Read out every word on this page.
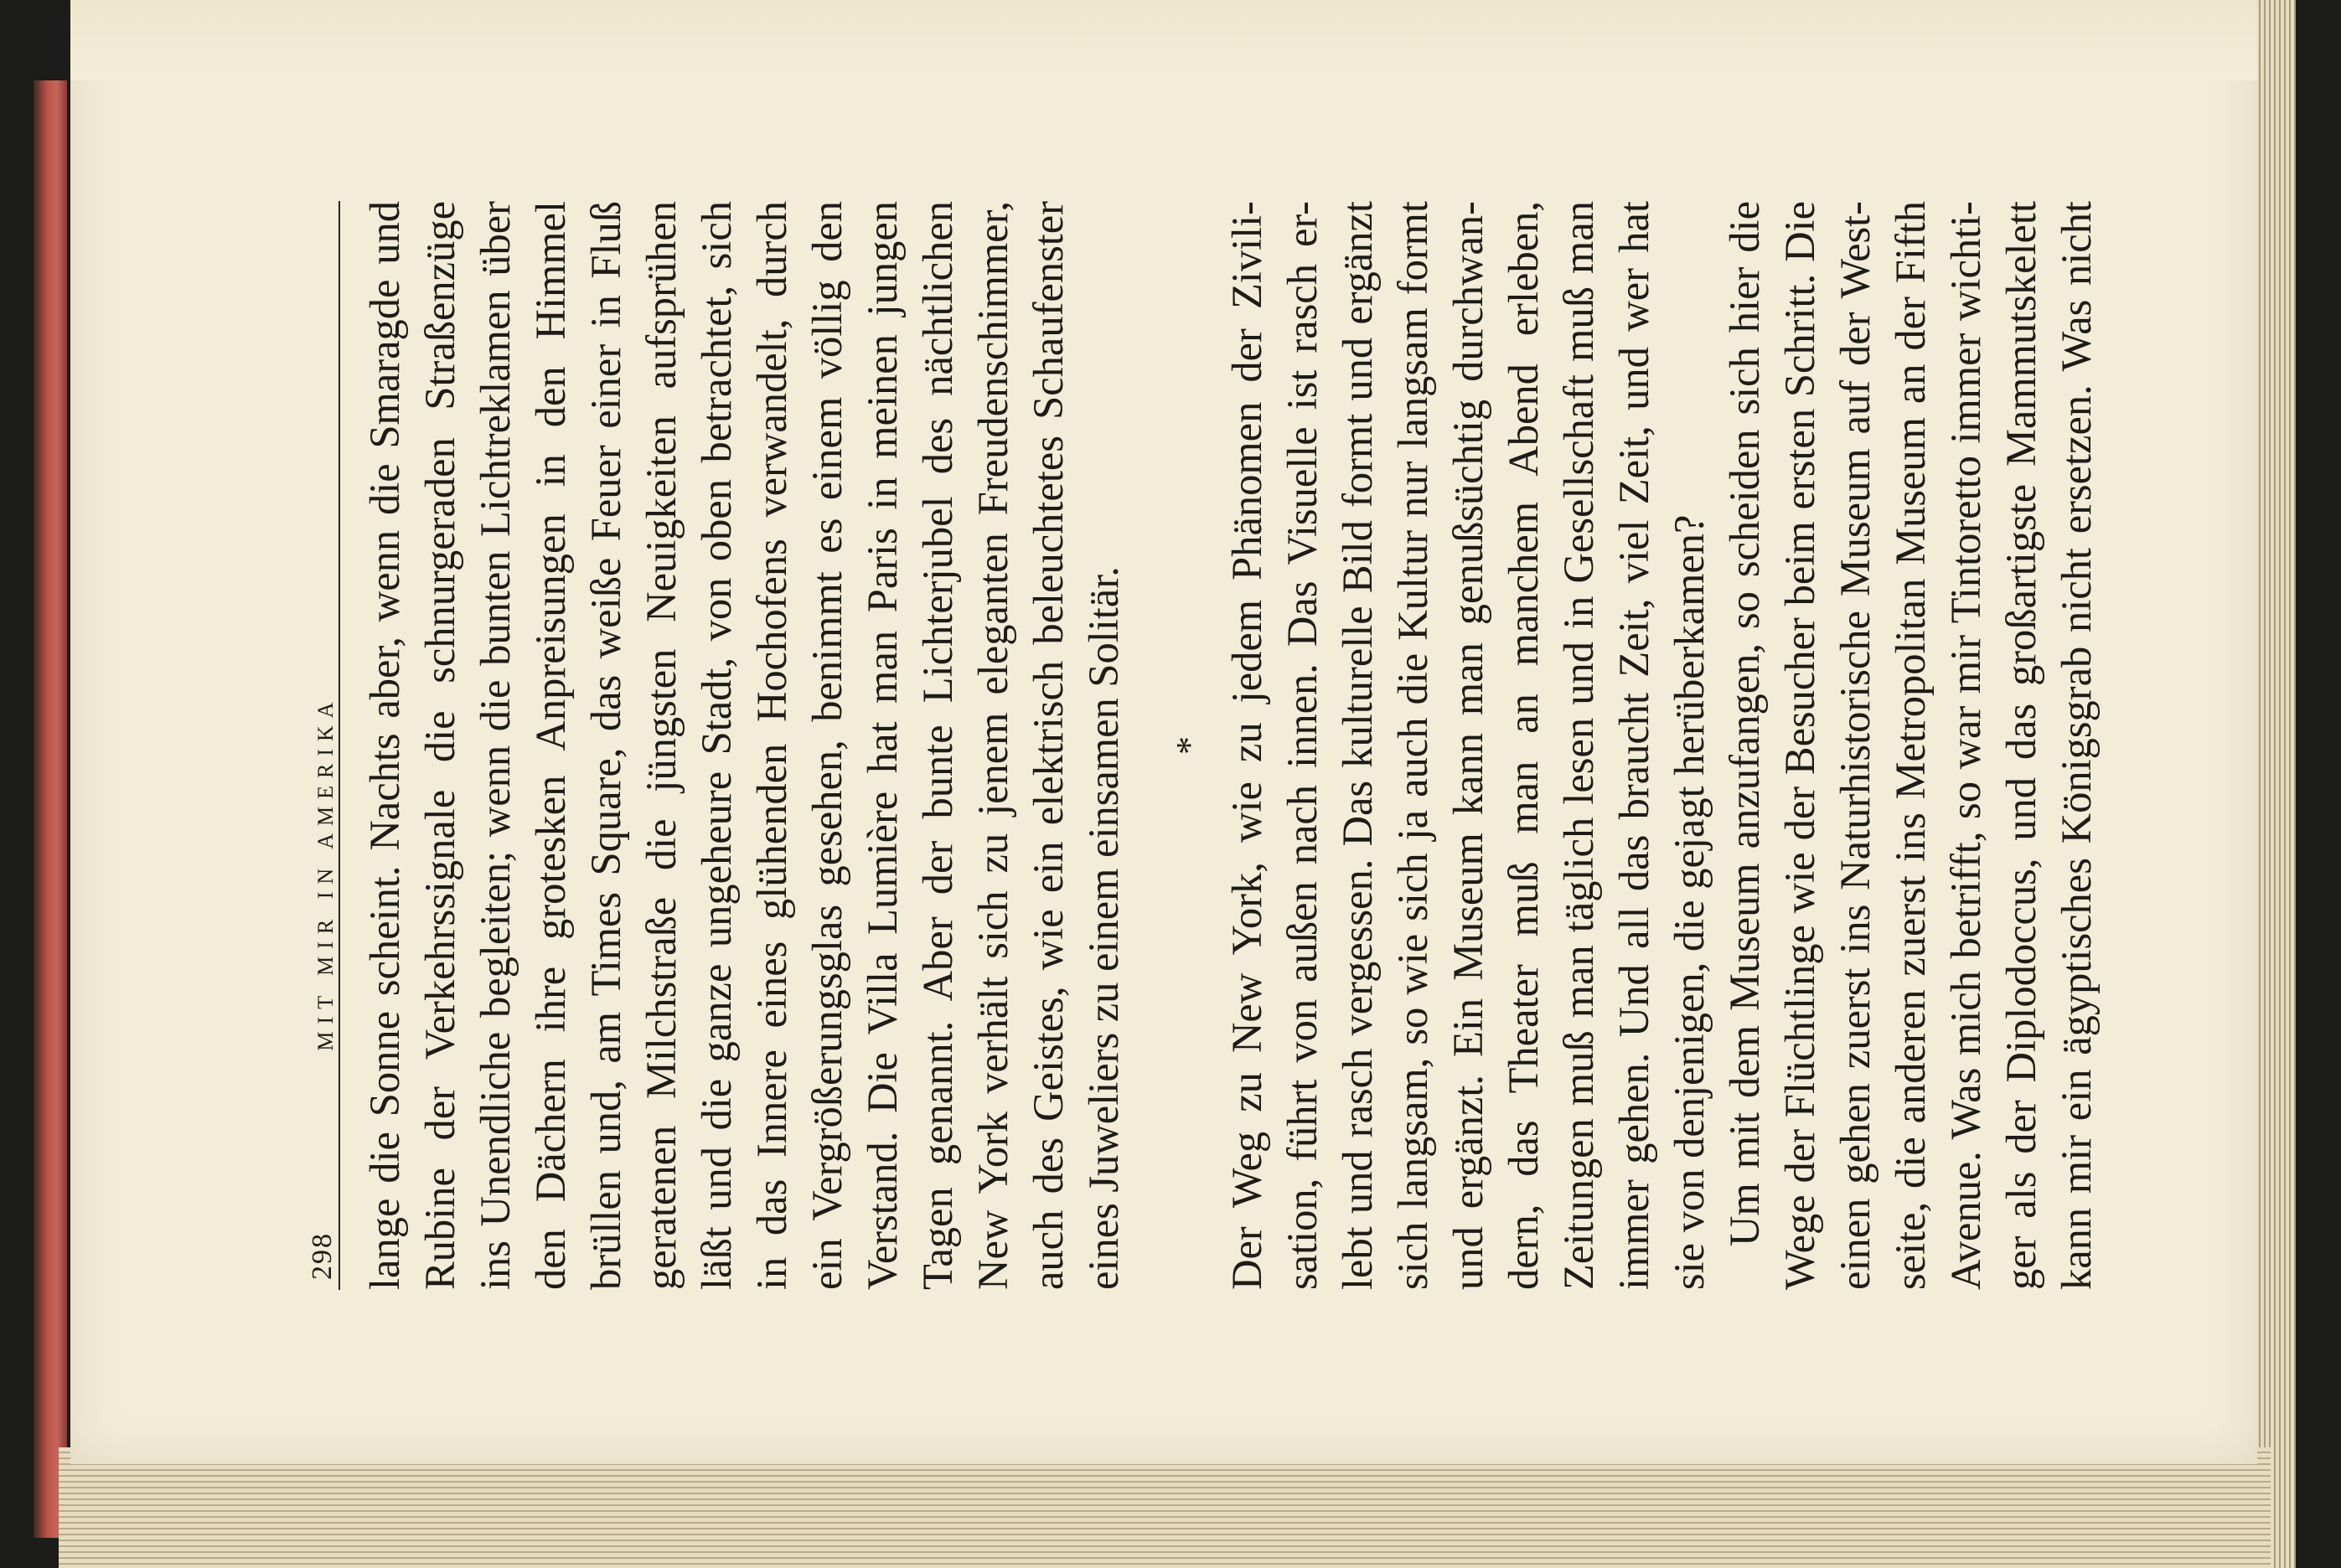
298
MIT MIR IN AMERIKA lange die Sonne scheint. Nachts aber, wenn die Smaragde und Rubine der Verkehrssignale die schnurgeraden Straßenzüge ins Unendliche begleiten; wenn die bunten Lichtreklamen über den Dächern ihre grotesken Anpreisungen in den Himmel brüllen und, am Times Square, das weiße Feuer einer in Fluß geratenen Milchstraße die jüngsten Neuigkeiten aufsprühen läßt und die ganze ungeheure Stadt, von oben betrachtet, sich in das Innere eines glühenden Hochofens verwandelt, durch ein Vergrößerungsglas gesehen, benimmt es einem völlig den Verstand. Die Villa Lumière hat man Paris in meinen jungen Tagen genannt. Aber der bunte Lichterjubel des nächtlichen New York verhält sich zu jenem eleganten Freudenschimmer, auch des Geistes, wie ein elektrisch beleuchtetes Schaufenster eines Juweliers zu einem einsamen Solitär.	* Der Weg zu New York, wie zu jedem Phänomen der Zivili- sation, führt von außen nach innen. Das Visuelle ist rasch er- lebt und rasch vergessen. Das kulturelle Bild formt und ergänzt sich langsam, so wie sich ja auch die Kultur nur langsam formt und ergänzt. Ein Museum kann man genußsüchtig durchwan- dern, das Theater muß man an manchem Abend erleben, Zeitungen muß man täglich lesen und in Gesellschaft muß man immer gehen. Und all das braucht Zeit, viel Zeit, und wer hat sie von denjenigen, die gejagt herüberkamen? Um mit dem Museum anzufangen, so scheiden sich hier die Wege der Flüchtlinge wie der Besucher beim ersten Schritt. Die einen gehen zuerst ins Naturhistorische Museum auf der West- seite, die anderen zuerst ins Metropolitan Museum an der Fifth Avenue. Was mich betrifft, so war mir Tintoretto immer wichti- ger als der Diplodoccus, und das großartigste Mammutskelett kann mir ein ägyptisches Königsgrab nicht ersetzen. Was nicht
